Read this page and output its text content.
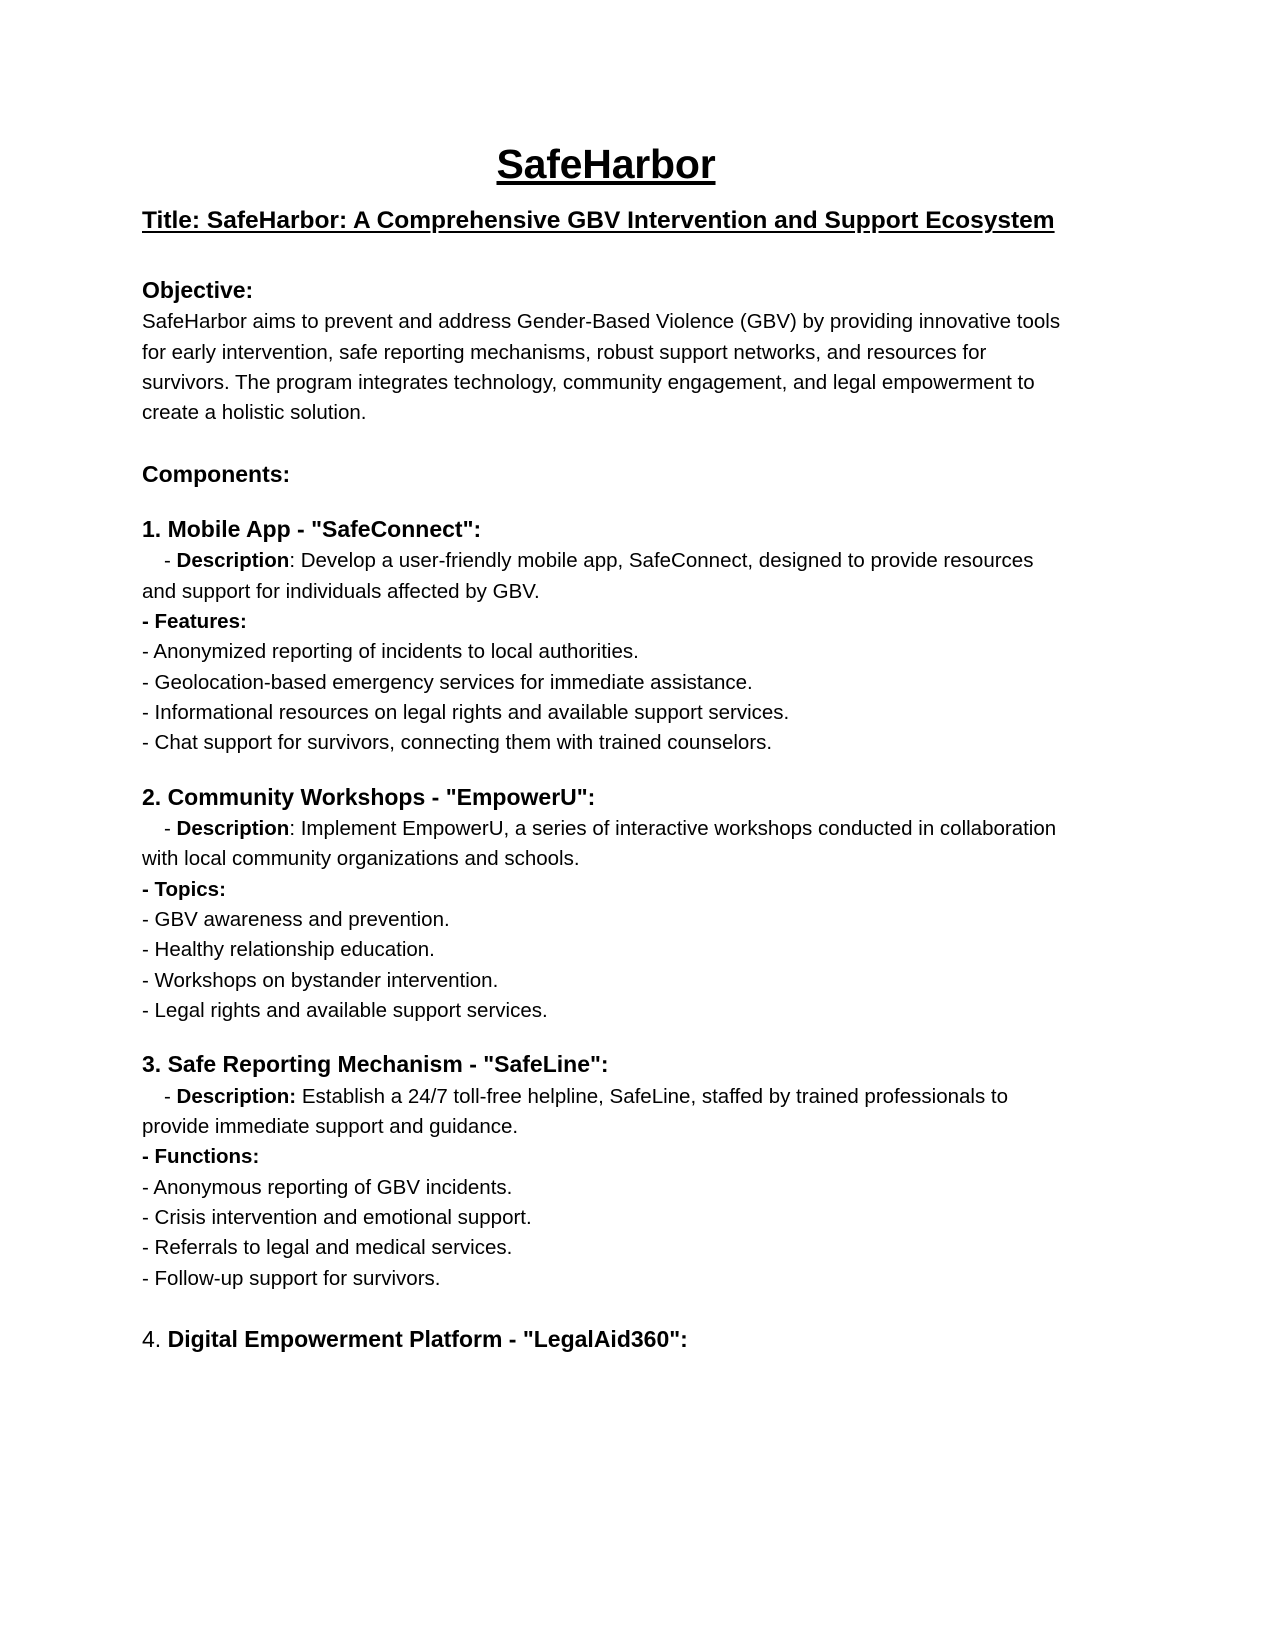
SafeHarbor
Title: SafeHarbor: A Comprehensive GBV Intervention and Support Ecosystem
Objective:

SafeHarbor aims to prevent and address Gender-Based Violence (GBV) by providing innovative tools for early intervention, safe reporting mechanisms, robust support networks, and resources for survivors. The program integrates technology, community engagement, and legal empowerment to create a holistic solution.

Components:
1. Mobile App - "SafeConnect":

- Description: Develop a user-friendly mobile app, SafeConnect, designed to provide resources and support for individuals affected by GBV.

- Features:

- Anonymized reporting of incidents to local authorities.

- Geolocation-based emergency services for immediate assistance.

- Informational resources on legal rights and available support services.

- Chat support for survivors, connecting them with trained counselors.

2. Community Workshops - "EmpowerU":

- Description: Implement EmpowerU, a series of interactive workshops conducted in collaboration with local community organizations and schools.

- Topics:

- GBV awareness and prevention.

- Healthy relationship education.

- Workshops on bystander intervention.

- Legal rights and available support services.

3. Safe Reporting Mechanism - "SafeLine":

- Description: Establish a 24/7 toll-free helpline, SafeLine, staffed by trained professionals to provide immediate support and guidance.

- Functions:

- Anonymous reporting of GBV incidents.

- Crisis intervention and emotional support.

- Referrals to legal and medical services.

- Follow-up support for survivors.

4. Digital Empowerment Platform - "LegalAid360":
